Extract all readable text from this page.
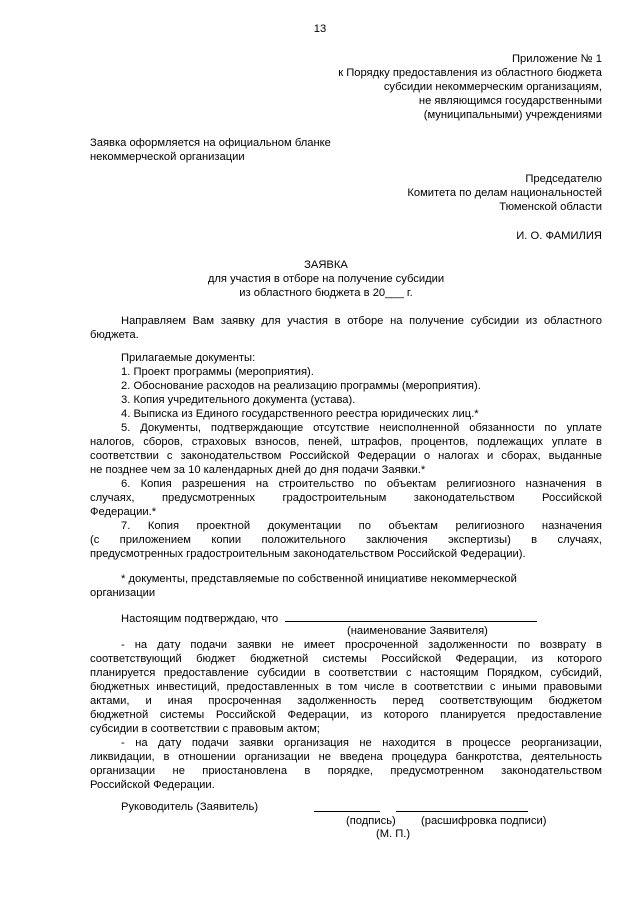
13
Приложение № 1
к Порядку предоставления из областного бюджета
субсидии некоммерческим организациям,
не являющимся государственными
(муниципальными) учреждениями
Заявка оформляется на официальном бланке
некоммерческой организации
Председателю
Комитета по делам национальностей
Тюменской области
И. О. ФАМИЛИЯ
ЗАЯВКА
для участия в отборе на получение субсидии
из областного бюджета в 20___ г.
Направляем Вам заявку для участия в отборе на получение субсидии из областного
бюджета.
Прилагаемые документы:
1. Проект программы (мероприятия).
2. Обоснование расходов на реализацию программы (мероприятия).
3. Копия учредительного документа (устава).
4. Выписка из Единого государственного реестра юридических лиц.*
5. Документы, подтверждающие отсутствие неисполненной обязанности по уплате
налогов, сборов, страховых взносов, пеней, штрафов, процентов, подлежащих уплате в
соответствии с законодательством Российской Федерации о налогах и сборах, выданные
не позднее чем за 10 календарных дней до дня подачи Заявки.*
6. Копия разрешения на строительство по объектам религиозного назначения в
случаях, предусмотренных градостроительным законодательством Российской
Федерации.*
7. Копия проектной документации по объектам религиозного назначения
(с приложением копии положительного заключения экспертизы) в случаях,
предусмотренных градостроительным законодательством Российской Федерации).
* документы, представляемые по собственной инициативе некоммерческой
организации
Настоящим подтверждаю, что
(наименование Заявителя)
- на дату подачи заявки не имеет просроченной задолженности по возврату в
соответствующий бюджет бюджетной системы Российской Федерации, из которого
планируется предоставление субсидии в соответствии с настоящим Порядком, субсидий,
бюджетных инвестиций, предоставленных в том числе в соответствии с иными правовыми
актами, и иная просроченная задолженность перед соответствующим бюджетом
бюджетной системы Российской Федерации, из которого планируется предоставление
субсидии в соответствии с правовым актом;
- на дату подачи заявки организация не находится в процессе реорганизации,
ликвидации, в отношении организации не введена процедура банкротства, деятельность
организации не приостановлена в порядке, предусмотренном законодательством
Российской Федерации.
Руководитель (Заявитель)
(подпись) (расшифровка подписи)
(М. П.)
